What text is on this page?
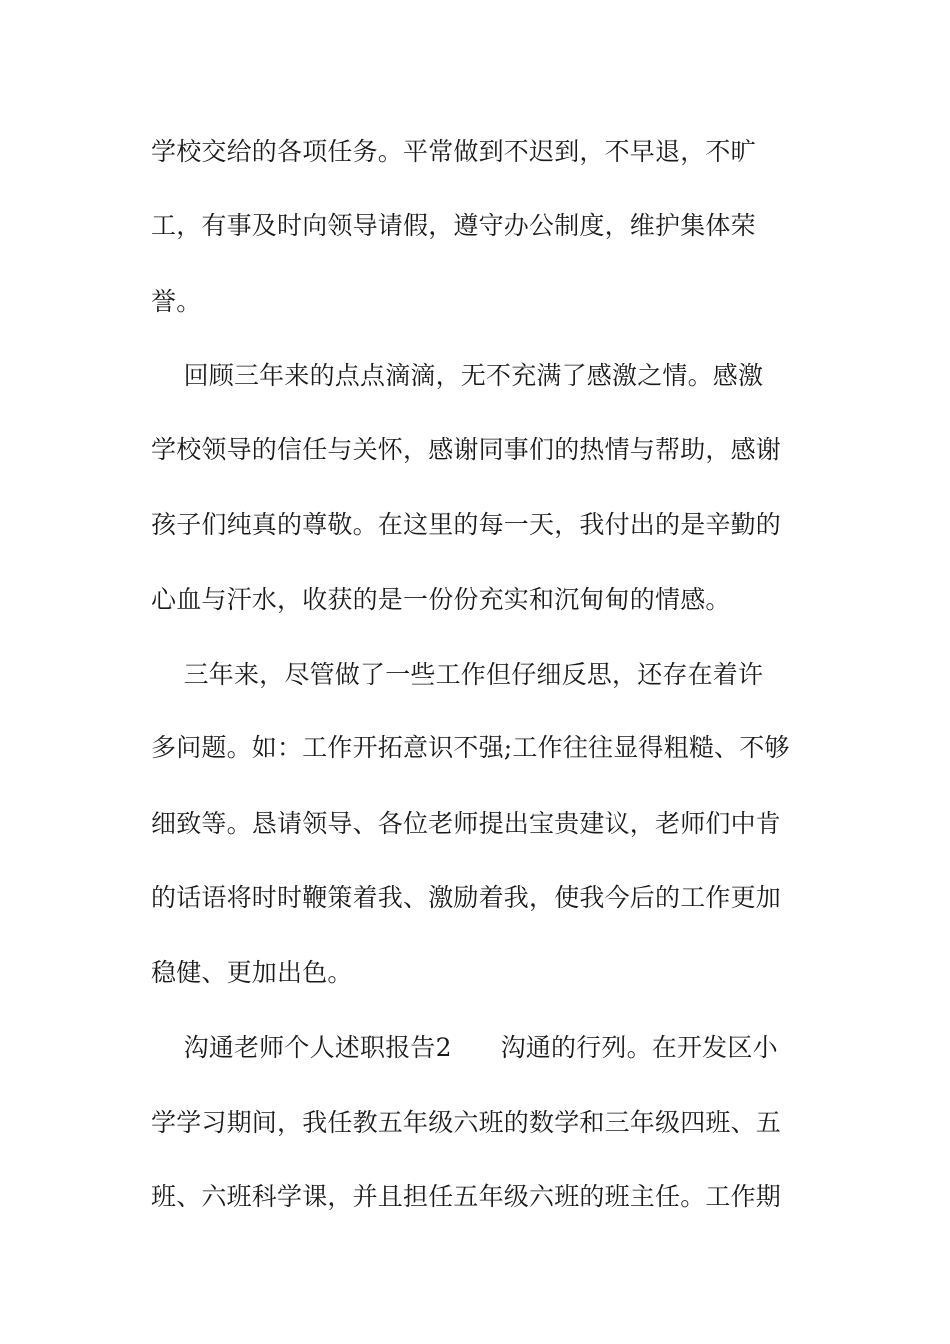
学校交给的各项任务。平常做到不迟到，不早退，不旷
工，有事及时向领导请假，遵守办公制度，维护集体荣
誉。
回顾三年来的点点滴滴，无不充满了感激之情。感激
学校领导的信任与关怀，感谢同事们的热情与帮助，感谢
孩子们纯真的尊敬。在这里的每一天，我付出的是辛勤的
心血与汗水，收获的是一份份充实和沉甸甸的情感。
三年来，尽管做了一些工作但仔细反思，还存在着许
多问题。如：工作开拓意识不强;工作往往显得粗糙、不够
细致等。恳请领导、各位老师提出宝贵建议，老师们中肯
的话语将时时鞭策着我、激励着我，使我今后的工作更加
稳健、更加出色。
沟通老师个人述职报告2      沟通的行列。在开发区小
学学习期间，我任教五年级六班的数学和三年级四班、五
班、六班科学课，并且担任五年级六班的班主任。工作期
